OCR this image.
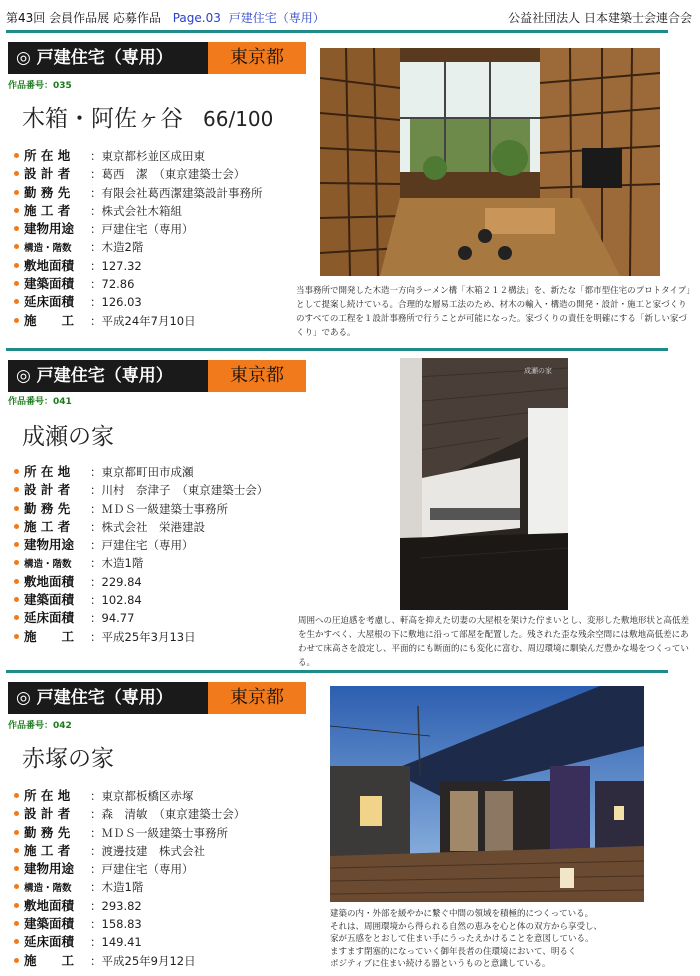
第43回 会員作品展 応募作品 Page.03 戸建住宅（専用）	公益社団法人 日本建築士会連合会
◎ 戸建住宅（専用）	東京都
作品番号：035
木箱・阿佐ヶ谷 66/100
所 在 地 ：東京都杉並区成田東
設 計 者 ：葛西　潔　（東京建築士会）
勤 務 先 ：有限会社葛西潔建築設計事務所
施 工 者 ：株式会社木箱組
建物用途 ：戸建住宅（専用）
構造・階数 ：木造2階
敷地面積 ：127.32
建築面積 ：72.86
延床面積 ：126.03
施　　工 ：平成24年7月10日
当事務所で開発した木造一方向ラーメン構「木箱２１２構法」を、新たな「都市型住宅のプロトタイプ」として提案し続けている。合理的な層易工法のため、材木の輸入・構造の開発・設計・施工と家づくりのすべての工程を１設計事務所で行うことが可能になった。家づくりの責任を明確にする「新しい家づくり」である。
◎ 戸建住宅（専用）	東京都
作品番号：041
成瀬の家
所 在 地 ：東京都町田市成瀬
設 計 者 ：川村　奈津子　（東京建築士会）
勤 務 先 ：ＭＤＳ一級建築士事務所
施 工 者 ：株式会社　栄港建設
建物用途 ：戸建住宅（専用）
構造・階数 ：木造1階
敷地面積 ：229.84
建築面積 ：102.84
延床面積 ：94.77
施　　工 ：平成25年3月13日
成瀬の家
周囲への圧迫感を考慮し、軒高を抑えた切妻の大屋根を架けた佇まいとし、変形した敷地形状と高低差を生かすべく、大屋根の下に敷地に沿って部屋を配置した。残された歪な残余空間には敷地高低差にあわせて床高さを設定し、平面的にも断面的にも変化に富む、周辺環境に馴染んだ豊かな場をつくっている。
◎ 戸建住宅（専用）	東京都
作品番号：042
赤塚の家
所 在 地 ：東京都板橋区赤塚
設 計 者 ：森　清敏　（東京建築士会）
勤 務 先 ：ＭＤＳ一級建築士事務所
施 工 者 ：渡邊技建　株式会社
建物用途 ：戸建住宅（専用）
構造・階数 ：木造1階
敷地面積 ：293.82
建築面積 ：158.83
延床面積 ：149.41
施　　工 ：平成25年9月12日
建築の内・外部を緩やかに繋ぐ中間の領域を積極的につくっている。
それは、周囲環境から得られる自然の恵みを心と体の双方から享受し、
家が五感をとおして住まい手にうったえかけることを意図している。
ますます閉塞的になっていく御年長者の住環境において、明るく
ポジティブに住まい続ける器というものと意識している。
